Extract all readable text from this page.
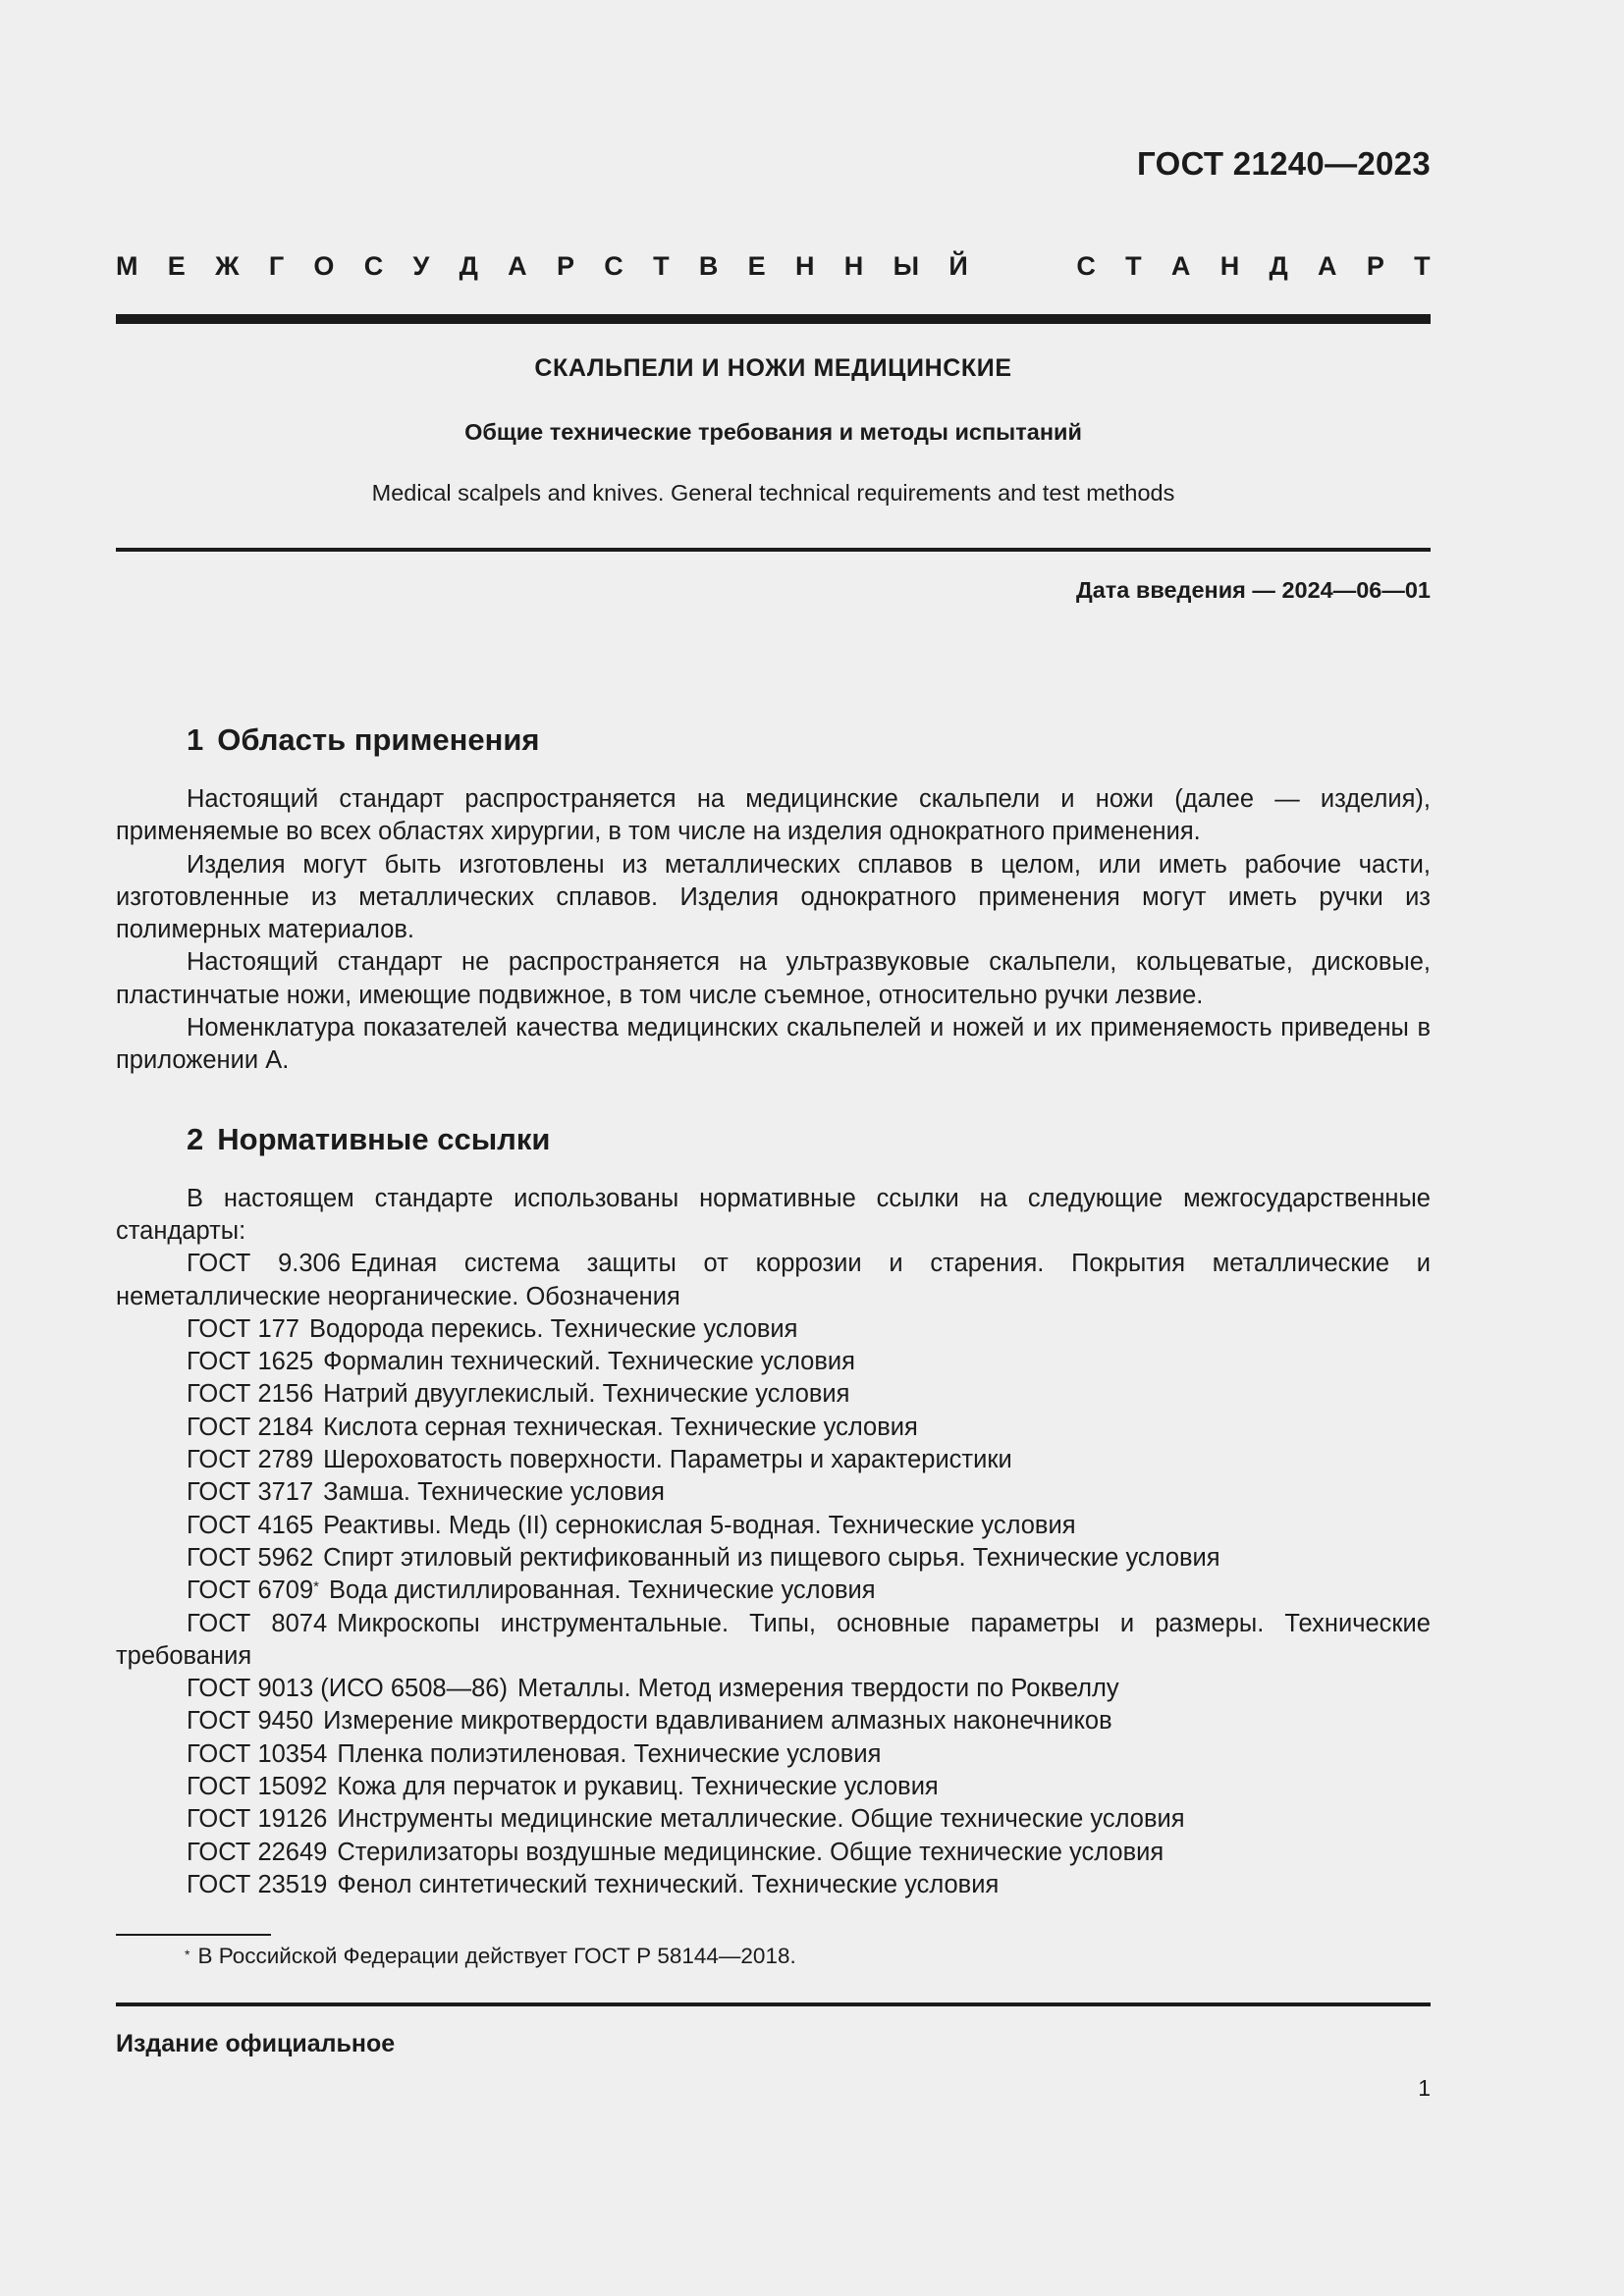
ГОСТ 21240—2023
М Е Ж Г О С У Д А Р С Т В Е Н Н Ы Й	С Т А Н Д А Р Т
СКАЛЬПЕЛИ И НОЖИ МЕДИЦИНСКИЕ
Общие технические требования и методы испытаний
Medical scalpels and knives. General technical requirements and test methods
Дата введения — 2024—06—01
1 Область применения

Настоящий стандарт распространяется на медицинские скальпели и ножи (далее — изделия), применяемые во всех областях хирургии, в том числе на изделия однократного применения.

Изделия могут быть изготовлены из металлических сплавов в целом, или иметь рабочие части, изготовленные из металлических сплавов. Изделия однократного применения могут иметь ручки из полимерных материалов.

Настоящий стандарт не распространяется на ультразвуковые скальпели, кольцеватые, дисковые, пластинчатые ножи, имеющие подвижное, в том числе съемное, относительно ручки лезвие.

Номенклатура показателей качества медицинских скальпелей и ножей и их применяемость приведены в приложении А.

2 Нормативные ссылки

В настоящем стандарте использованы нормативные ссылки на следующие межгосударственные стандарты:

ГОСТ 9.306 Единая система защиты от коррозии и старения. Покрытия металлические и неметаллические неорганические. Обозначения

ГОСТ 177 Водорода перекись. Технические условия

ГОСТ 1625 Формалин технический. Технические условия

ГОСТ 2156 Натрий двууглекислый. Технические условия

ГОСТ 2184 Кислота серная техническая. Технические условия

ГОСТ 2789 Шероховатость поверхности. Параметры и характеристики

ГОСТ 3717 Замша. Технические условия

ГОСТ 4165 Реактивы. Медь (II) сернокислая 5-водная. Технические условия

ГОСТ 5962 Спирт этиловый ректификованный из пищевого сырья. Технические условия

ГОСТ 6709* Вода дистиллированная. Технические условия

ГОСТ 8074 Микроскопы инструментальные. Типы, основные параметры и размеры. Технические требования

ГОСТ 9013 (ИСО 6508—86) Металлы. Метод измерения твердости по Роквеллу

ГОСТ 9450 Измерение микротвердости вдавливанием алмазных наконечников

ГОСТ 10354 Пленка полиэтиленовая. Технические условия

ГОСТ 15092 Кожа для перчаток и рукавиц. Технические условия

ГОСТ 19126 Инструменты медицинские металлические. Общие технические условия

ГОСТ 22649 Стерилизаторы воздушные медицинские. Общие технические условия

ГОСТ 23519 Фенол синтетический технический. Технические условия

* В Российской Федерации действует ГОСТ Р 58144—2018.
Издание официальное
1
